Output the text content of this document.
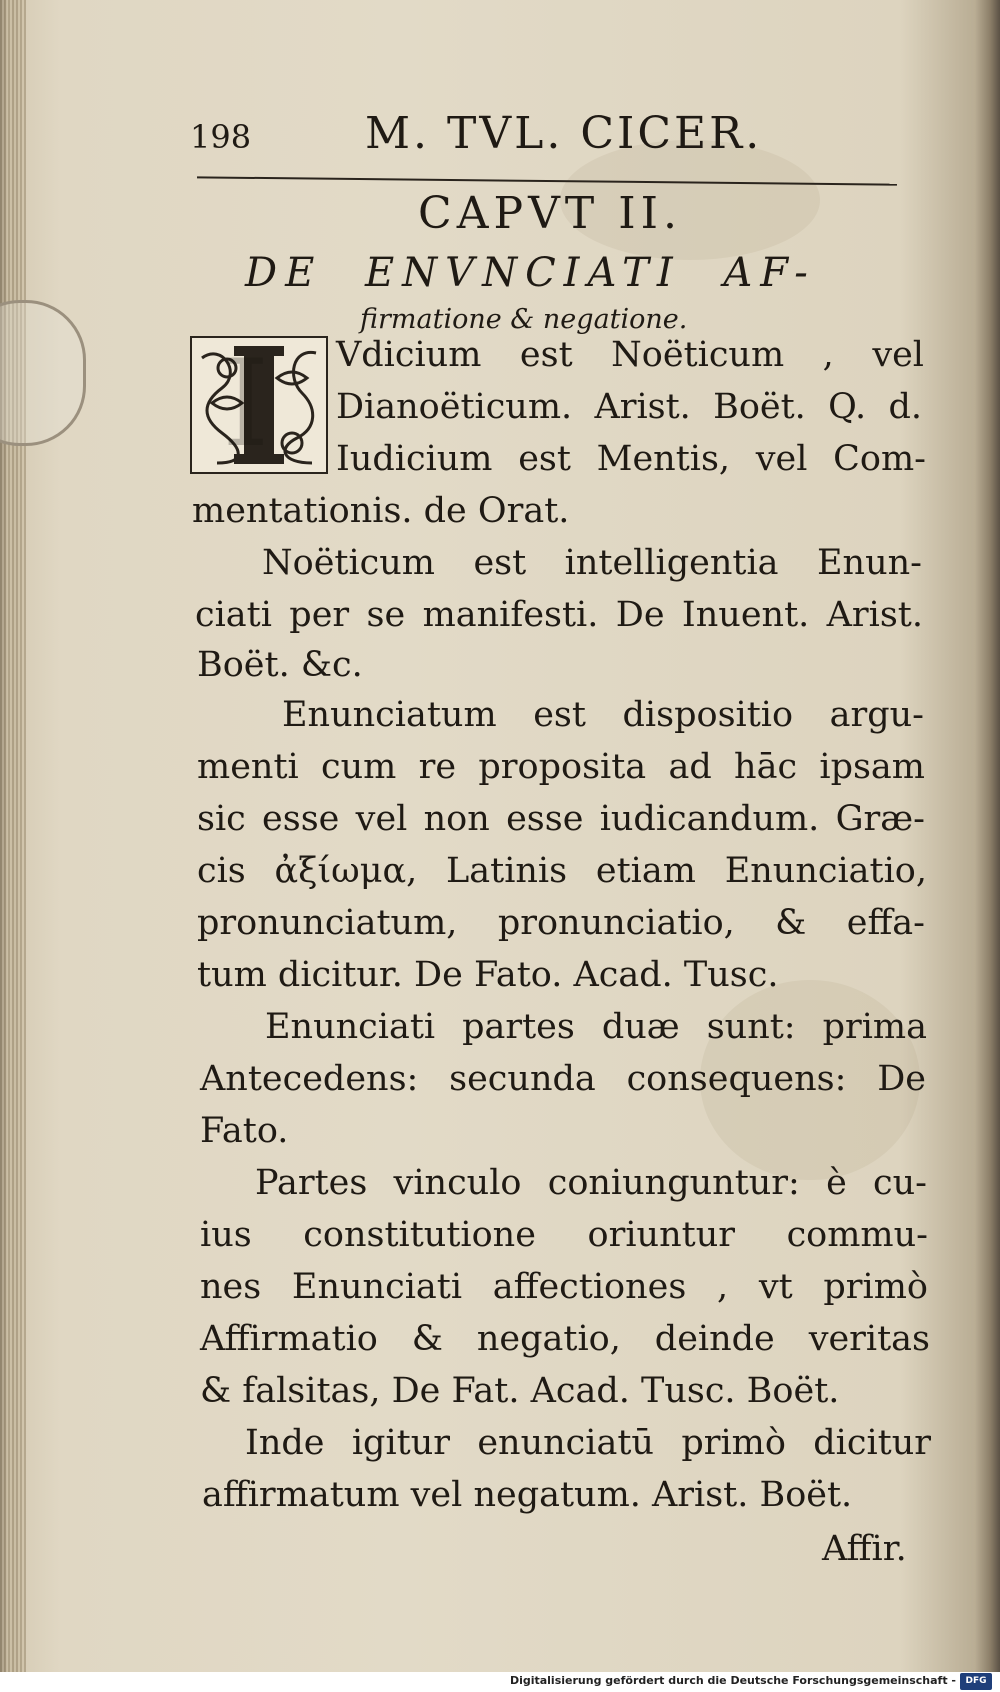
198	M. TVL. CICER.
CAPVT II.
DE ENVNCIATI AF-
firmatione & negatione.
I Vdicium est Noëticum , vel
Dianoëticum. Arist. Boët. Q. d.
Iudicium est Mentis, vel Com-
mentationis. de Orat.
Noëticum est intelligentia Enun-
ciati per se manifesti. De Inuent. Arist.
Boët. &c.
Enunciatum est dispositio argu-
menti cum re proposita ad hāc ipsam
sic esse vel non esse iudicandum. Græ-
cis ἀξίωμα, Latinis etiam Enunciatio,
pronunciatum, pronunciatio, & effa-
tum dicitur. De Fato. Acad. Tusc.
Enunciati partes duæ sunt: prima
Antecedens: secunda consequens: De
Fato.
Partes vinculo coniunguntur: è cu-
ius constitutione oriuntur commu-
nes Enunciati affectiones , vt primò
Affirmatio & negatio, deinde veritas
& falsitas, De Fat. Acad. Tusc. Boët.
Inde igitur enunciatū primò dicitur
affirmatum vel negatum. Arist. Boët.
Affir.
Digitalisierung gefördert durch die Deutsche Forschungsgemeinschaft -	DFG
